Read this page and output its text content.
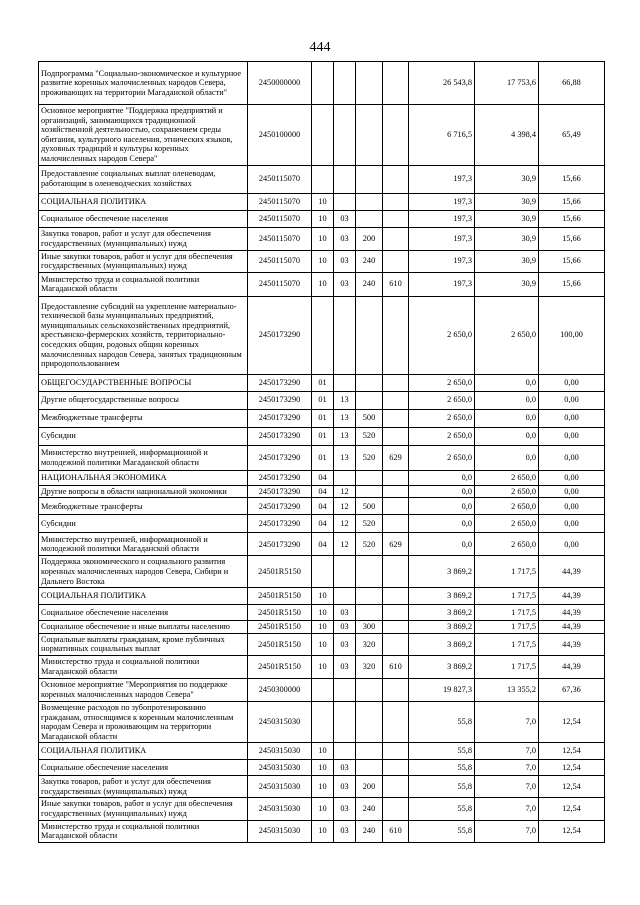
444
Подпрограмма "Социально-экономическое и культурное развитие коренных малочисленных народов Севера, проживающих на территории Магаданской области"	2450000000					26 543,8	17 753,6	66,88
Основное мероприятие "Поддержка предприятий и организаций, занимающихся традиционной хозяйственной деятельностью, сохранением среды обитания, культурного населения, этнических языков, духовных традиций и культуры коренных малочисленных народов Севера"	2450100000					6 716,5	4 398,4	65,49
Предоставление социальных выплат оленеводам, работающим в оленеводческих хозяйствах	2450115070					197,3	30,9	15,66
СОЦИАЛЬНАЯ ПОЛИТИКА	2450115070	10				197,3	30,9	15,66
Социальное обеспечение населения	2450115070	10	03			197,3	30,9	15,66
Закупка товаров, работ и услуг для обеспечения государственных (муниципальных) нужд	2450115070	10	03	200		197,3	30,9	15,66
Иные закупки товаров, работ и услуг для обеспечения государственных (муниципальных) нужд	2450115070	10	03	240		197,3	30,9	15,66
Министерство труда и социальной политики Магаданской области	2450115070	10	03	240	610	197,3	30,9	15,66
Предоставление субсидий на укрепление материально-технической базы муниципальных предприятий, муниципальных сельскохозяйственных предприятий, крестьянско-фермерских хозяйств, территориально-соседских общин, родовых общин коренных малочисленных народов Севера, занятых традиционным природопользованием	2450173290					2 650,0	2 650,0	100,00
ОБЩЕГОСУДАРСТВЕННЫЕ ВОПРОСЫ	2450173290	01				2 650,0	0,0	0,00
Другие общегосударственные вопросы	2450173290	01	13			2 650,0	0,0	0,00
Межбюджетные трансферты	2450173290	01	13	500		2 650,0	0,0	0,00
Субсидии	2450173290	01	13	520		2 650,0	0,0	0,00
Министерство внутренней, информационной и молодежной политики Магаданской области	2450173290	01	13	520	629	2 650,0	0,0	0,00
НАЦИОНАЛЬНАЯ ЭКОНОМИКА	2450173290	04				0,0	2 650,0	0,00
Другие вопросы в области национальной экономики	2450173290	04	12			0,0	2 650,0	0,00
Межбюджетные трансферты	2450173290	04	12	500		0,0	2 650,0	0,00
Субсидии	2450173290	04	12	520		0,0	2 650,0	0,00
Министерство внутренней, информационной и молодежной политики Магаданской области	2450173290	04	12	520	629	0,0	2 650,0	0,00
Поддержка экономического и социального развития коренных малочисленных народов Севера, Сибири и Дальнего Востока	24501R5150					3 869,2	1 717,5	44,39
СОЦИАЛЬНАЯ ПОЛИТИКА	24501R5150	10				3 869,2	1 717,5	44,39
Социальное обеспечение населения	24501R5150	10	03			3 869,2	1 717,5	44,39
Социальное обеспечение и иные выплаты населению	24501R5150	10	03	300		3 869,2	1 717,5	44,39
Социальные выплаты гражданам, кроме публичных нормативных социальных выплат	24501R5150	10	03	320		3 869,2	1 717,5	44,39
Министерство труда и социальной политики Магаданской области	24501R5150	10	03	320	610	3 869,2	1 717,5	44,39
Основное мероприятие "Мероприятия по поддержке коренных малочисленных народов Севера"	2450300000					19 827,3	13 355,2	67,36
Возмещение расходов по зубопротезированию гражданам, относящимся к коренным малочисленным народам Севера и проживающим на территории Магаданской области	2450315030					55,8	7,0	12,54
СОЦИАЛЬНАЯ ПОЛИТИКА	2450315030	10				55,8	7,0	12,54
Социальное обеспечение населения	2450315030	10	03			55,8	7,0	12,54
Закупка товаров, работ и услуг для обеспечения государственных (муниципальных) нужд	2450315030	10	03	200		55,8	7,0	12,54
Иные закупки товаров, работ и услуг для обеспечения государственных (муниципальных) нужд	2450315030	10	03	240		55,8	7,0	12,54
Министерство труда и социальной политики Магаданской области	2450315030	10	03	240	610	55,8	7,0	12,54
